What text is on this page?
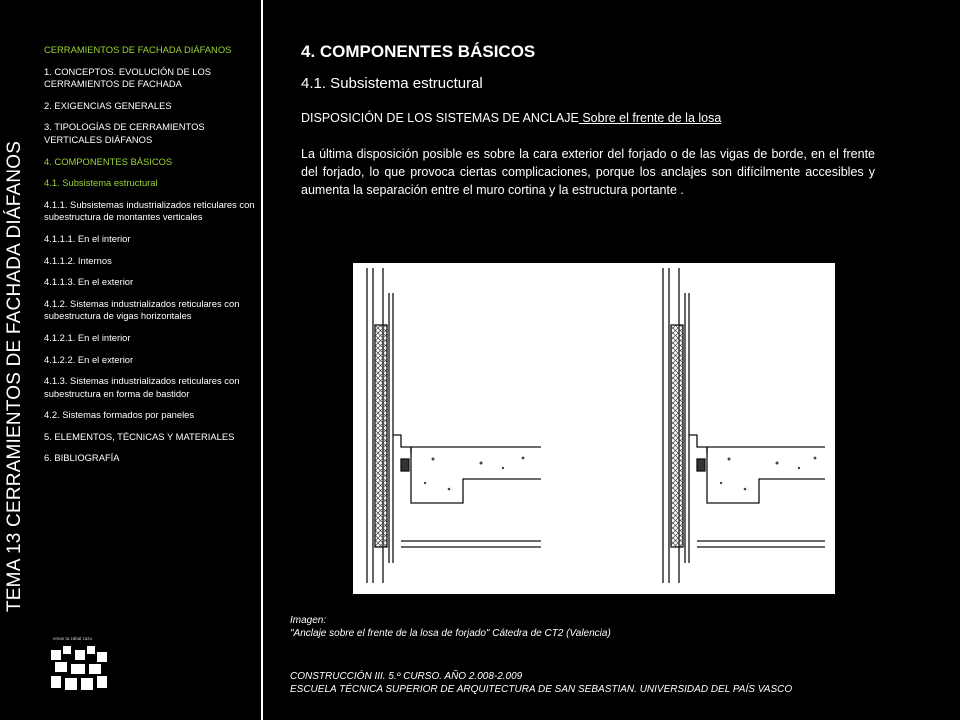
TEMA 13 CERRAMIENTOS DE FACHADA DIÁFANOS
CERRAMIENTOS DE FACHADA DIÁFANOS
1. CONCEPTOS. EVOLUCIÓN DE LOS CERRAMIENTOS DE FACHADA
2. EXIGENCIAS GENERALES
3. TIPOLOGÍAS DE CERRAMIENTOS VERTICALES DIÁFANOS
4. COMPONENTES BÁSICOS
4.1. Subsistema estructural
4.1.1. Subsistemas industrializados reticulares con subestructura de montantes verticales
4.1.1.1. En el interior
4.1.1.2. Internos
4.1.1.3. En el exterior
4.1.2. Sistemas industrializados reticulares con subestructura de vigas horizontales
4.1.2.1. En el interior
4.1.2.2. En el exterior
4.1.3. Sistemas industrializados reticulares con subestructura en forma de bastidor
4.2. Sistemas formados por paneles
5. ELEMENTOS, TÉCNICAS Y MATERIALES
6. BIBLIOGRAFÍA
eman ta zabal zazu
4. COMPONENTES BÁSICOS
4.1. Subsistema estructural
DISPOSICIÓN DE LOS SISTEMAS DE ANCLAJE Sobre el frente de la losa
La última disposición posible es sobre la cara exterior del forjado o de las vigas de borde, en el frente del forjado, lo que provoca ciertas complicaciones, porque los anclajes son difícilmente accesibles y aumenta la separación entre el muro cortina y la estructura portante .
Imagen:
"Anclaje sobre el frente de la losa de forjado" Cátedra de CT2 (Valencia)
CONSTRUCCIÓN III. 5.º CURSO. AÑO 2.008-2.009
ESCUELA TÉCNICA SUPERIOR DE ARQUITECTURA DE SAN SEBASTIAN. UNIVERSIDAD DEL PAÍS VASCO
